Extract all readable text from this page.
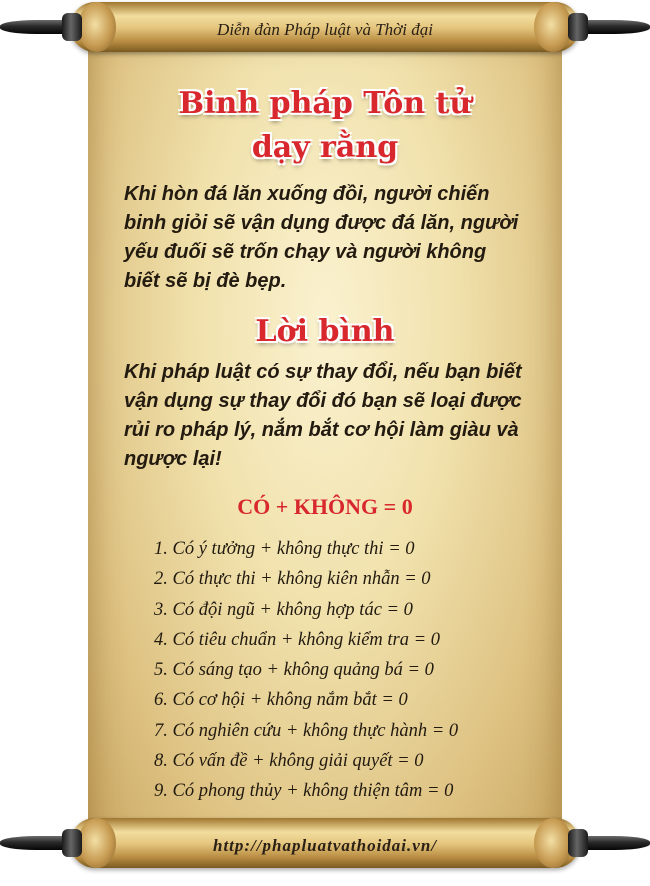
Diễn đàn Pháp luật và Thời đại
Binh pháp Tôn tử
dạy rằng
Khi hòn đá lăn xuống đồi, người chiến binh giỏi sẽ vận dụng được đá lăn, người yếu đuối sẽ trốn chạy và người không biết sẽ bị đè bẹp.
Lời bình
Khi pháp luật có sự thay đổi, nếu bạn biết vận dụng sự thay đổi đó bạn sẽ loại được rủi ro pháp lý, nắm bắt cơ hội làm giàu và ngược lại!
CÓ + KHÔNG = 0
1. Có ý tưởng + không thực thi = 0
2. Có thực thi + không kiên nhẫn = 0
3. Có đội ngũ + không hợp tác = 0
4. Có tiêu chuẩn + không kiểm tra = 0
5. Có sáng tạo + không quảng bá = 0
6. Có cơ hội + không nắm bắt = 0
7. Có nghiên cứu + không thực hành = 0
8. Có vấn đề + không giải quyết = 0
9. Có phong thủy + không thiện tâm = 0
http://phapluatvathoidai.vn/
